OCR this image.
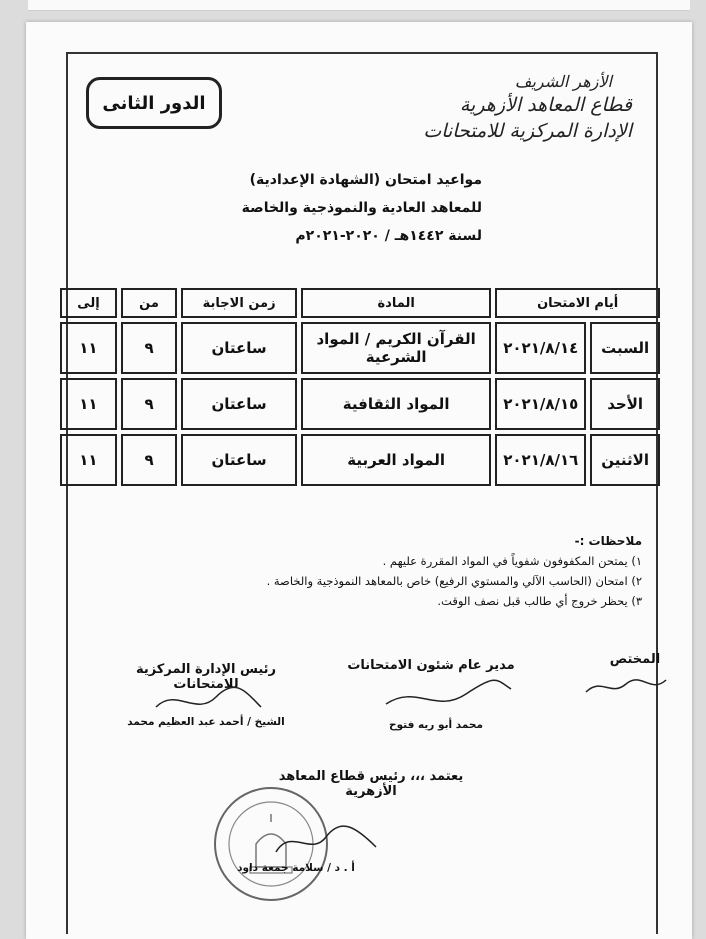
الأزهر الشريف
قطاع المعاهد الأزهرية
الإدارة المركزية للامتحانات
الدور الثانى
مواعيد امتحان (الشهادة الإعدادية)
للمعاهد العادية والنموذجية والخاصة
لسنة ١٤٤٢هـ / ٢٠٢٠-٢٠٢١م
أيام الامتحان		المادة	زمن الاجابة	من	إلى
السبت	٢٠٢١/٨/١٤	القرآن الكريم / المواد الشرعية	ساعتان	٩	١١
الأحد	٢٠٢١/٨/١٥	المواد الثقافية	ساعتان	٩	١١
الاثنين	٢٠٢١/٨/١٦	المواد العربية	ساعتان	٩	١١
ملاحظات :-
١) يمتحن المكفوفون شفوياً في المواد المقررة عليهم .
٢) امتحان (الحاسب الآلي والمستوي الرفيع) خاص بالمعاهد النموذجية والخاصة .
٣) يحظر خروج أي طالب قبل نصف الوقت.
المختص
مدير عام شئون الامتحانات
محمد أبو ريه فتوح
رئيس الإدارة المركزية للامتحانات
الشيخ / أحمد عبد العظيم محمد
يعتمد ،،، رئيس قطاع المعاهد الأزهرية
أ . د / سلامة جمعة داود
